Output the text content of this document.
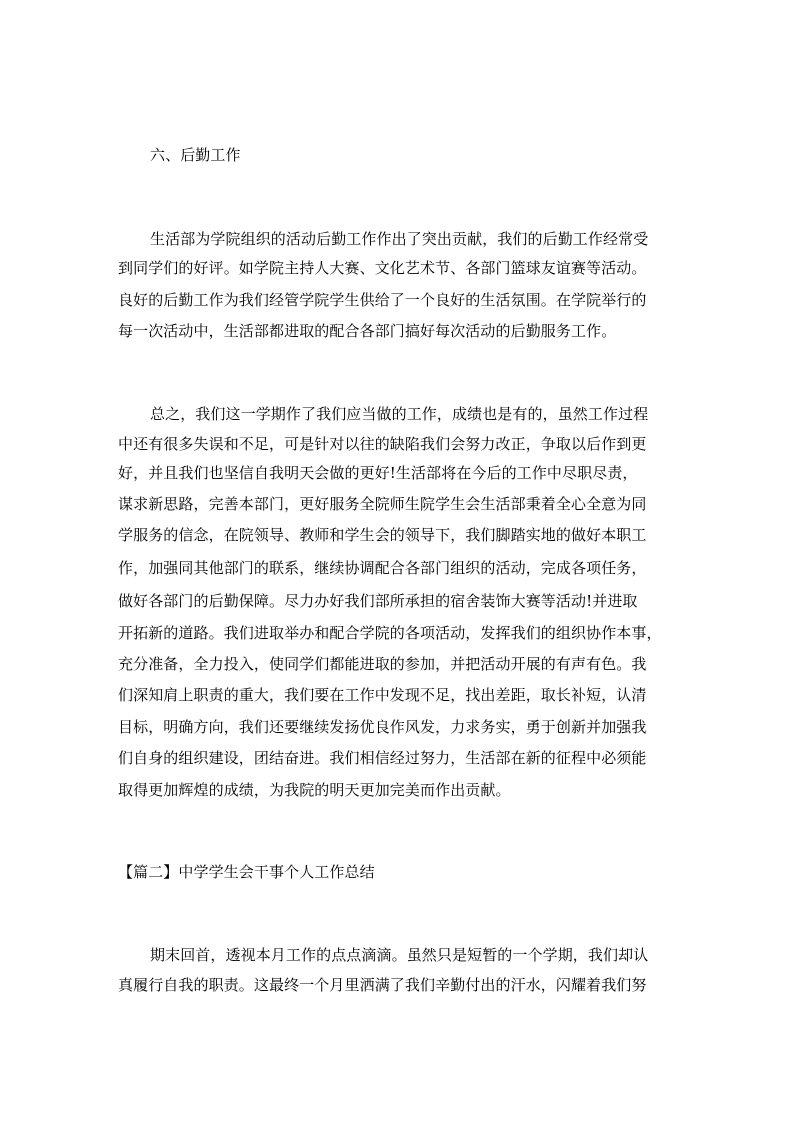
六、后勤工作

生活部为学院组织的活动后勤工作作出了突出贡献，我们的后勤工作经常受

到同学们的好评。如学院主持人大赛、文化艺术节、各部门篮球友谊赛等活动。

良好的后勤工作为我们经管学院学生供给了一个良好的生活氛围。在学院举行的

每一次活动中，生活部都进取的配合各部门搞好每次活动的后勤服务工作。

总之，我们这一学期作了我们应当做的工作，成绩也是有的，虽然工作过程

中还有很多失误和不足，可是针对以往的缺陷我们会努力改正，争取以后作到更

好，并且我们也坚信自我明天会做的更好!生活部将在今后的工作中尽职尽责，

谋求新思路，完善本部门，更好服务全院师生院学生会生活部秉着全心全意为同

学服务的信念，在院领导、教师和学生会的领导下，我们脚踏实地的做好本职工

作，加强同其他部门的联系，继续协调配合各部门组织的活动，完成各项任务，

做好各部门的后勤保障。尽力办好我们部所承担的宿舍装饰大赛等活动!并进取

开拓新的道路。我们进取举办和配合学院的各项活动，发挥我们的组织协作本事，

充分准备，全力投入，使同学们都能进取的参加，并把活动开展的有声有色。我

们深知肩上职责的重大，我们要在工作中发现不足，找出差距，取长补短，认清

目标，明确方向，我们还要继续发扬优良作风发，力求务实，勇于创新并加强我

们自身的组织建设，团结奋进。我们相信经过努力，生活部在新的征程中必须能

取得更加辉煌的成绩，为我院的明天更加完美而作出贡献。

【篇二】中学学生会干事个人工作总结

期末回首，透视本月工作的点点滴滴。虽然只是短暂的一个学期，我们却认

真履行自我的职责。这最终一个月里洒满了我们辛勤付出的汗水，闪耀着我们努
